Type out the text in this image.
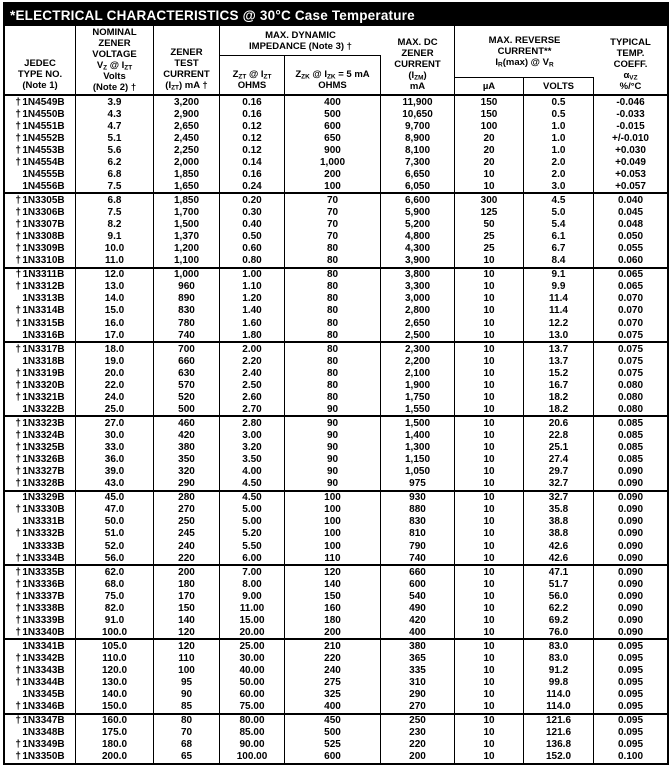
*ELECTRICAL CHARACTERISTICS @ 30°C Case Temperature
JEDEC
TYPE NO.
(Note 1)
NOMINAL
ZENER
VOLTAGE
$V_Z$ @ $I_{ZT}$
Volts
(Note 2) †
ZENER
TEST
CURRENT
$(I_{ZT})$ mA †
MAX. DYNAMIC
IMPEDANCE (Note 3) †
$Z_{ZT}$ @ $I_{ZT}$
OHMS
$Z_{ZK}$ @ $I_{ZK} = 5$ mA
OHMS
MAX. DC
ZENER
CURRENT
$(I_{ZM})$
mA
MAX. REVERSE
CURRENT**
$I_R(\max)$ @ $V_R$
µA	VOLTS
TYPICAL
TEMP.
COEFF.
$\alpha_{VZ}$
%/°C
† 1N4549B	3.9	3,200	0.16	400	11,900	150	0.5	-0.046
† 1N4550B	4.3	2,900	0.16	500	10,650	150	0.5	-0.033
† 1N4551B	4.7	2,650	0.12	600	9,700	100	1.0	-0.015
† 1N4552B	5.1	2,450	0.12	650	8,900	20	1.0	+/-0.010
† 1N4553B	5.6	2,250	0.12	900	8,100	20	1.0	+0.030
† 1N4554B	6.2	2,000	0.14	1,000	7,300	20	2.0	+0.049
1N4555B	6.8	1,850	0.16	200	6,650	10	2.0	+0.053
1N4556B	7.5	1,650	0.24	100	6,050	10	3.0	+0.057
† 1N3305B	6.8	1,850	0.20	70	6,600	300	4.5	0.040
† 1N3306B	7.5	1,700	0.30	70	5,900	125	5.0	0.045
† 1N3307B	8.2	1,500	0.40	70	5,200	50	5.4	0.048
† 1N3308B	9.1	1,370	0.50	70	4,800	25	6.1	0.050
† 1N3309B	10.0	1,200	0.60	80	4,300	25	6.7	0.055
† 1N3310B	11.0	1,100	0.80	80	3,900	10	8.4	0.060
† 1N3311B	12.0	1,000	1.00	80	3,800	10	9.1	0.065
† 1N3312B	13.0	960	1.10	80	3,300	10	9.9	0.065
1N3313B	14.0	890	1.20	80	3,000	10	11.4	0.070
† 1N3314B	15.0	830	1.40	80	2,800	10	11.4	0.070
† 1N3315B	16.0	780	1.60	80	2,650	10	12.2	0.070
1N3316B	17.0	740	1.80	80	2,500	10	13.0	0.075
† 1N3317B	18.0	700	2.00	80	2,300	10	13.7	0.075
1N3318B	19.0	660	2.20	80	2,200	10	13.7	0.075
† 1N3319B	20.0	630	2.40	80	2,100	10	15.2	0.075
† 1N3320B	22.0	570	2.50	80	1,900	10	16.7	0.080
† 1N3321B	24.0	520	2.60	80	1,750	10	18.2	0.080
1N3322B	25.0	500	2.70	90	1,550	10	18.2	0.080
† 1N3323B	27.0	460	2.80	90	1,500	10	20.6	0.085
† 1N3324B	30.0	420	3.00	90	1,400	10	22.8	0.085
† 1N3325B	33.0	380	3.20	90	1,300	10	25.1	0.085
† 1N3326B	36.0	350	3.50	90	1,150	10	27.4	0.085
† 1N3327B	39.0	320	4.00	90	1,050	10	29.7	0.090
† 1N3328B	43.0	290	4.50	90	975	10	32.7	0.090
1N3329B	45.0	280	4.50	100	930	10	32.7	0.090
† 1N3330B	47.0	270	5.00	100	880	10	35.8	0.090
1N3331B	50.0	250	5.00	100	830	10	38.8	0.090
† 1N3332B	51.0	245	5.20	100	810	10	38.8	0.090
1N3333B	52.0	240	5.50	100	790	10	42.6	0.090
† 1N3334B	56.0	220	6.00	110	740	10	42.6	0.090
† 1N3335B	62.0	200	7.00	120	660	10	47.1	0.090
† 1N3336B	68.0	180	8.00	140	600	10	51.7	0.090
† 1N3337B	75.0	170	9.00	150	540	10	56.0	0.090
† 1N3338B	82.0	150	11.00	160	490	10	62.2	0.090
† 1N3339B	91.0	140	15.00	180	420	10	69.2	0.090
† 1N3340B	100.0	120	20.00	200	400	10	76.0	0.090
1N3341B	105.0	120	25.00	210	380	10	83.0	0.095
† 1N3342B	110.0	110	30.00	220	365	10	83.0	0.095
† 1N3343B	120.0	100	40.00	240	335	10	91.2	0.095
† 1N3344B	130.0	95	50.00	275	310	10	99.8	0.095
1N3345B	140.0	90	60.00	325	290	10	114.0	0.095
† 1N3346B	150.0	85	75.00	400	270	10	114.0	0.095
† 1N3347B	160.0	80	80.00	450	250	10	121.6	0.095
1N3348B	175.0	70	85.00	500	230	10	121.6	0.095
† 1N3349B	180.0	68	90.00	525	220	10	136.8	0.095
† 1N3350B	200.0	65	100.00	600	200	10	152.0	0.100
